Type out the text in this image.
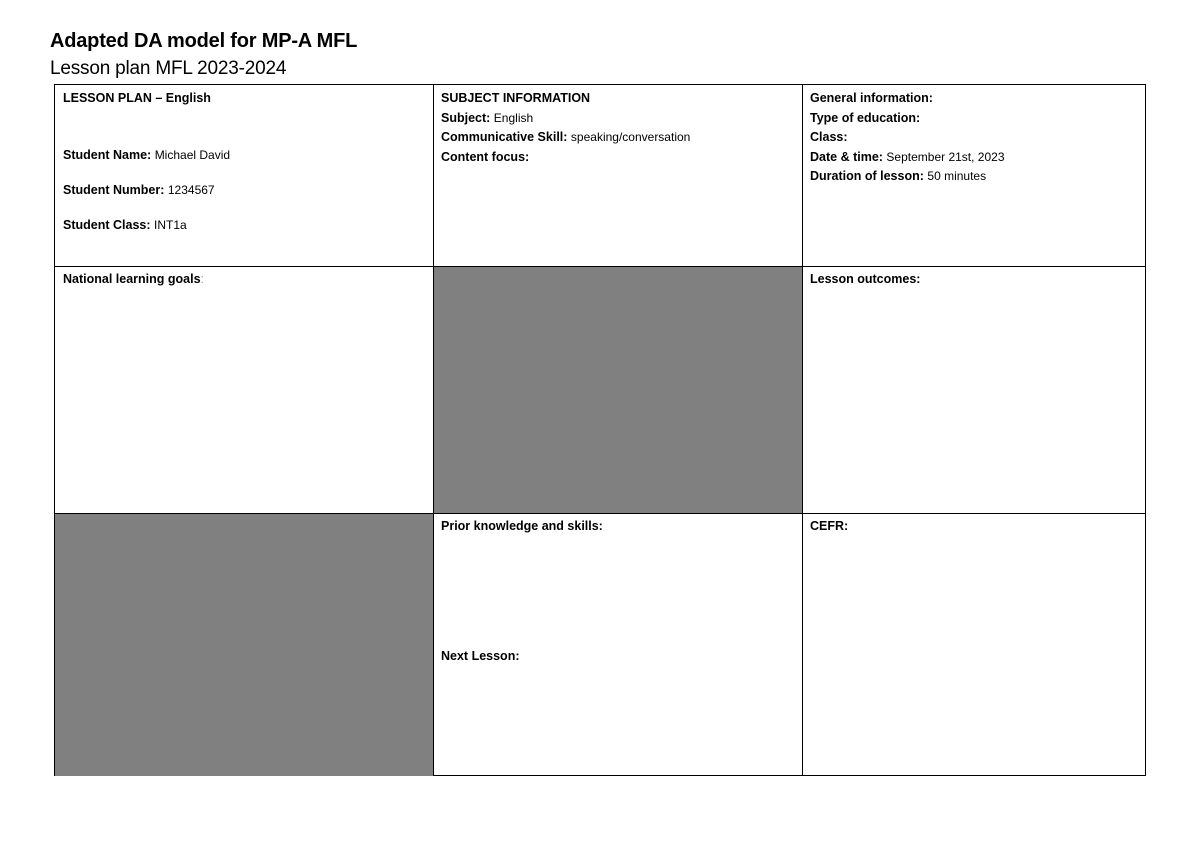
Adapted DA model for MP-A MFL
Lesson plan MFL 2023-2024
LESSON PLAN – English
Student Name: Michael David
Student Number: 1234567
Student Class: INT1a
SUBJECT INFORMATION
Subject: English
Communicative Skill: speaking/conversation
Content focus:
General information:
Type of education:
Class:
Date & time: September 21st, 2023
Duration of lesson: 50 minutes
National learning goals:	Lesson outcomes:
Prior knowledge and skills:
Next Lesson:
CEFR:
